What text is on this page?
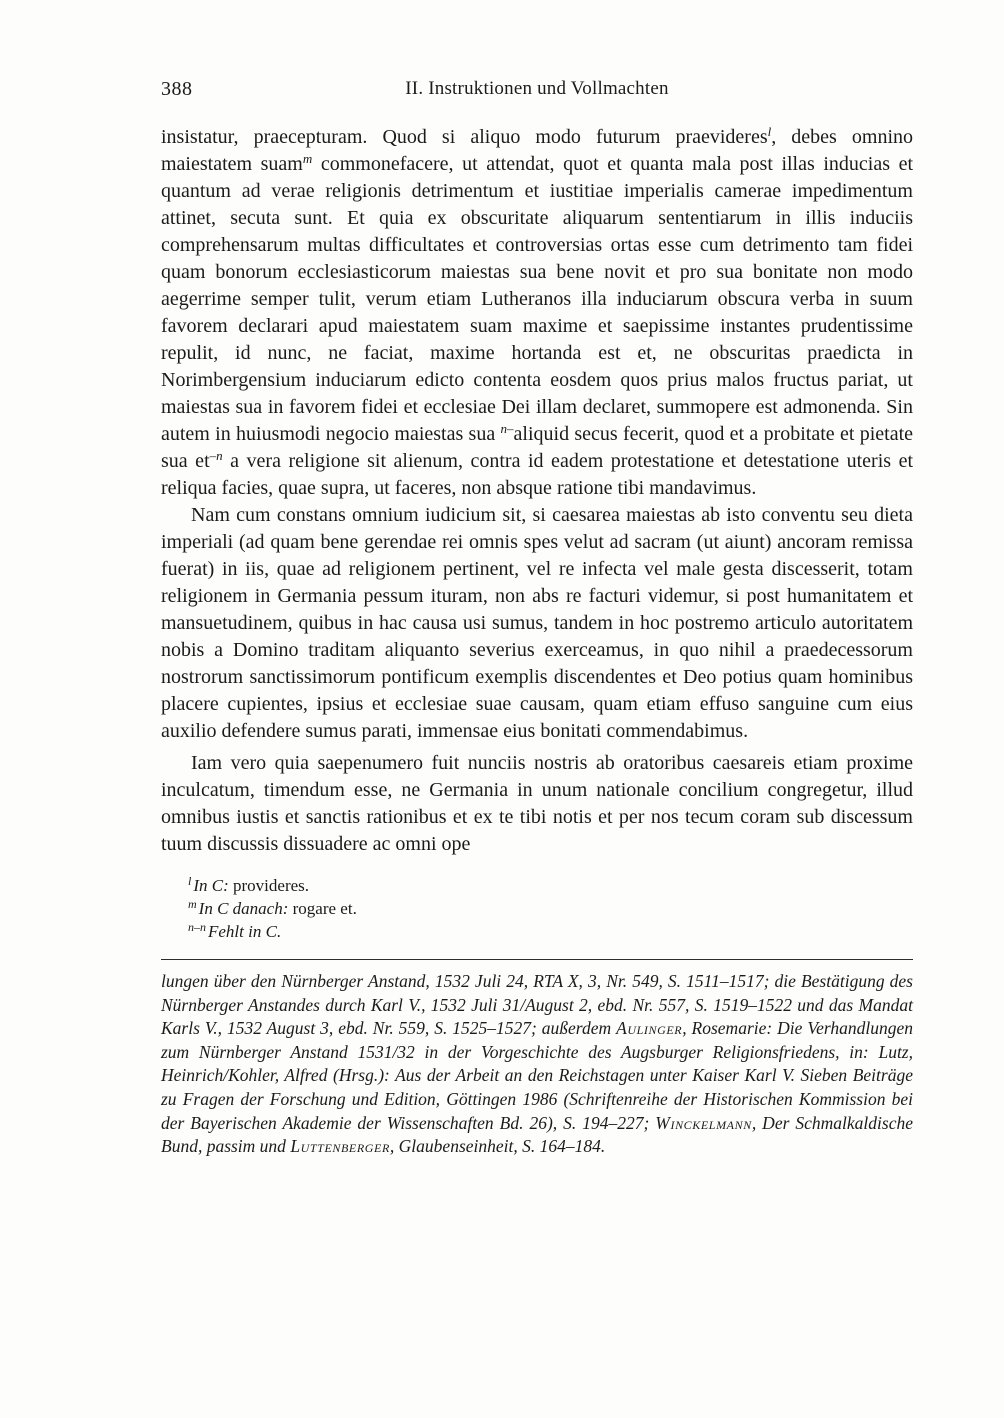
388	II. Instruktionen und Vollmachten

insistatur, praecepturam. Quod si aliquo modo futurum praevideres$^l$, debes omnino maiestatem suam$^m$ commonefacere, ut attendat, quot et quanta mala post illas inducias et quantum ad verae religionis detrimentum et iustitiae imperialis camerae impedimentum attinet, secuta sunt. Et quia ex obscuritate aliquarum sententiarum in illis induciis comprehensarum multas difficultates et controversias ortas esse cum detrimento tam fidei quam bonorum ecclesiasticorum maiestas sua bene novit et pro sua bonitate non modo aegerrime semper tulit, verum etiam Lutheranos illa induciarum obscura verba in suum favorem declarari apud maiestatem suam maxime et saepissime instantes prudentissime repulit, id nunc, ne faciat, maxime hortanda est et, ne obscuritas praedicta in Norimbergensium induciarum edicto contenta eosdem quos prius malos fructus pariat, ut maiestas sua in favorem fidei et ecclesiae Dei illam declaret, summopere est admonenda. Sin autem in huiusmodi negocio maiestas sua $^{n-}$aliquid secus fecerit, quod et a probitate et pietate sua $et^{-n}$ a vera religione sit alienum, contra id eadem protestatione et detestatione uteris et reliqua facies, quae supra, ut faceres, non absque ratione tibi mandavimus.

Nam cum constans omnium iudicium sit, si caesarea maiestas ab isto conventu seu dieta imperiali (ad quam bene gerendae rei omnis spes velut ad sacram (ut aiunt) ancoram remissa fuerat) in iis, quae ad religionem pertinent, vel re infecta vel male gesta discesserit, totam religionem in Germania pessum ituram, non abs re facturi videmur, si post humanitatem et mansuetudinem, quibus in hac causa usi sumus, tandem in hoc postremo articulo autoritatem nobis a Domino traditam aliquanto severius exerceamus, in quo nihil a praedecessorum nostrorum sanctissimorum pontificum exemplis discendentes et Deo potius quam hominibus placere cupientes, ipsius et ecclesiae suae causam, quam etiam effuso sanguine cum eius auxilio defendere sumus parati, immensae eius bonitati commendabimus.

Iam vero quia saepenumero fuit nunciis nostris ab oratoribus caesareis etiam proxime inculcatum, timendum esse, ne Germania in unum nationale concilium congregetur, illud omnibus iustis et sanctis rationibus et ex te tibi notis et per nos tecum coram sub discessum tuum discussis dissuadere ac omni ope

$^l$ In C: provideres.
$^m$ In C danach: rogare et.
$^{n-n}$ Fehlt in C.

lungen über den Nürnberger Anstand, 1532 Juli 24, RTA X, 3, Nr. 549, S. 1511–1517; die Bestätigung des Nürnberger Anstandes durch Karl V., 1532 Juli 31/August 2, ebd. Nr. 557, S. 1519–1522 und das Mandat Karls V., 1532 August 3, ebd. Nr. 559, S. 1525–1527; außerdem Aulinger, Rosemarie: Die Verhandlungen zum Nürnberger Anstand 1531/32 in der Vorgeschichte des Augsburger Religionsfriedens, in: Lutz, Heinrich/Kohler, Alfred (Hrsg.): Aus der Arbeit an den Reichstagen unter Kaiser Karl V. Sieben Beiträge zu Fragen der Forschung und Edition, Göttingen 1986 (Schriftenreihe der Historischen Kommission bei der Bayerischen Akademie der Wissenschaften Bd. 26), S. 194–227; Winckelmann, Der Schmalkaldische Bund, passim und Luttenberger, Glaubenseinheit, S. 164–184.
